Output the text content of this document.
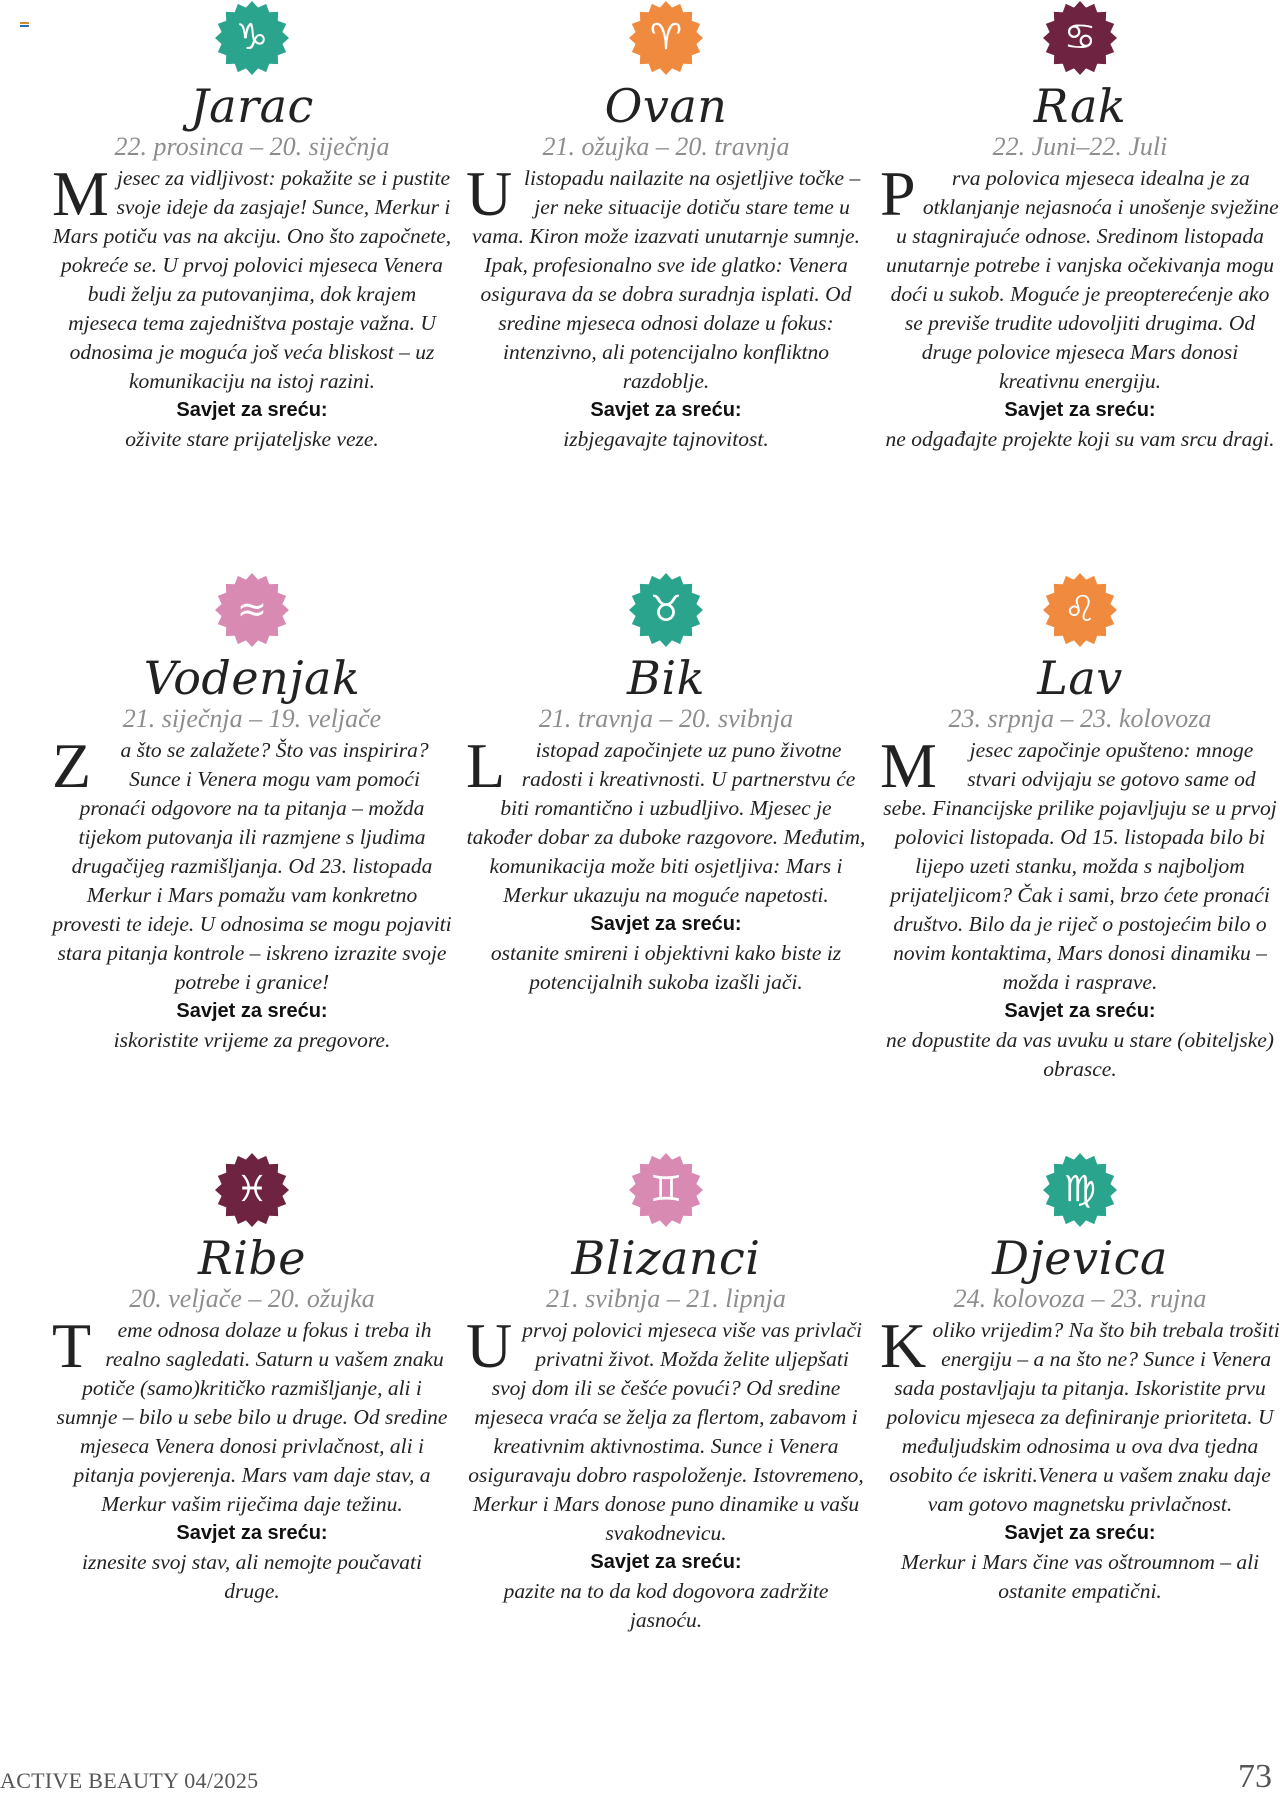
♑
Jarac
22. prosinca – 20. siječnja
Mjesec za vidljivost: pokažite se i pustite svoje ideje da zasjaje! Sunce, Merkur i Mars potiču vas na akciju. Ono što započnete, pokreće se. U prvoj polovici mjeseca Venera budi želju za putovanjima, dok krajem mjeseca tema zajedništva postaje važna. U odnosima je moguća još veća bliskost – uz komunikaciju na istoj razini.
Savjet za sreću:
oživite stare prijateljske veze.
♈
Ovan
21. ožujka – 20. travnja
Ulistopadu nailazite na osjetljive točke – jer neke situacije dotiču stare teme u vama. Kiron može izazvati unutarnje sumnje. Ipak, profesionalno sve ide glatko: Venera osigurava da se dobra suradnja isplati. Od sredine mjeseca odnosi dolaze u fokus: intenzivno, ali potencijalno konfliktno razdoblje.
Savjet za sreću:
izbjegavajte tajnovitost.
♋
Rak
22. Juni–22. Juli
P rva polovica mjeseca idealna je za otklanjanje nejasnoća i unošenje svježine u stagnirajuće odnose. Sredinom listopada unutarnje potrebe i vanjska očekivanja mogu doći u sukob. Moguće je preopterećenje ako se previše trudite udovoljiti drugima. Od druge polovice mjeseca Mars donosi kreativnu energiju.
Savjet za sreću:
ne odgađajte projekte koji su vam srcu dragi.
≈
Vodenjak
21. siječnja – 19. veljače
Z a što se zalažete? Što vas inspirira? Sunce i Venera mogu vam pomoći pronaći odgovore na ta pitanja – možda tijekom putovanja ili razmjene s ljudima drugačijeg razmišljanja. Od 23. listopada Merkur i Mars pomažu vam konkretno provesti te ideje. U odnosima se mogu pojaviti stara pitanja kontrole – iskreno izrazite svoje potrebe i granice!
Savjet za sreću:
iskoristite vrijeme za pregovore.
♉
Bik
21. travnja – 20. svibnja
L istopad započinjete uz puno životne radosti i kreativnosti. U partnerstvu će biti romantično i uzbudljivo. Mjesec je također dobar za duboke razgovore. Međutim, komunikacija može biti osjetljiva: Mars i Merkur ukazuju na moguće napetosti.
Savjet za sreću:
ostanite smireni i objektivni kako biste iz potencijalnih sukoba izašli jači.
♌
Lav
23. srpnja – 23. kolovoza
M jesec započinje opušteno: mnoge stvari odvijaju se gotovo same od sebe. Financijske prilike pojavljuju se u prvoj polovici listopada. Od 15. listopada bilo bi lijepo uzeti stanku, možda s najboljom prijateljicom? Čak i sami, brzo ćete pronaći društvo. Bilo da je riječ o postojećim bilo o novim kontaktima, Mars donosi dinamiku – možda i rasprave.
Savjet za sreću:
ne dopustite da vas uvuku u stare (obiteljske) obrasce.
♓
Ribe
20. veljače – 20. ožujka
T eme odnosa dolaze u fokus i treba ih realno sagledati. Saturn u vašem znaku potiče (samo)kritičko razmišljanje, ali i sumnje – bilo u sebe bilo u druge. Od sredine mjeseca Venera donosi privlačnost, ali i pitanja povjerenja. Mars vam daje stav, a Merkur vašim riječima daje težinu.
Savjet za sreću:
iznesite svoj stav, ali nemojte poučavati druge.
♊
Blizanci
21. svibnja – 21. lipnja
Uprvoj polovici mjeseca više vas privlači privatni život. Možda želite uljepšati svoj dom ili se češće povući? Od sredine mjeseca vraća se želja za flertom, zabavom i kreativnim aktivnostima. Sunce i Venera osiguravaju dobro raspoloženje. Istovremeno, Merkur i Mars donose puno dinamike u vašu svakodnevicu.
Savjet za sreću:
pazite na to da kod dogovora zadržite jasnoću.
♍
Djevica
24. kolovoza – 23. rujna
Koliko vrijedim? Na što bih trebala trošiti energiju – a na što ne? Sunce i Venera sada postavljaju ta pitanja. Iskoristite prvu polovicu mjeseca za definiranje prioriteta. U međuljudskim odnosima u ova dva tjedna osobito će iskriti.Venera u vašem znaku daje vam gotovo magnetsku privlačnost.
Savjet za sreću:
Merkur i Mars čine vas oštroumnom – ali ostanite empatični.
ACTIVE BEAUTY 04/2025	73
